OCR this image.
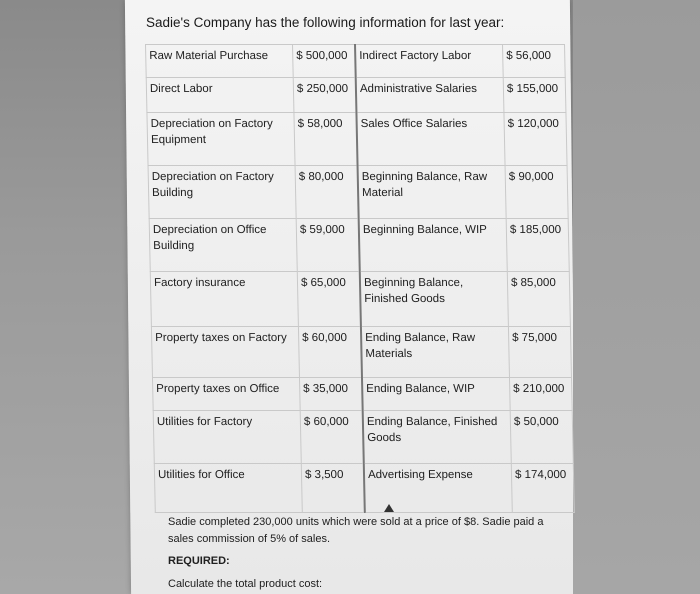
Sadie's Company has the following information for last year:
Raw Material Purchase	$ 500,000	Indirect Factory Labor	$ 56,000
Direct Labor	$ 250,000	Administrative Salaries	$ 155,000
Depreciation on Factory Equipment	$ 58,000	Sales Office Salaries	$ 120,000
Depreciation on Factory Building	$ 80,000	Beginning Balance, Raw Material	$ 90,000
Depreciation on Office Building	$ 59,000	Beginning Balance, WIP	$ 185,000
Factory insurance	$ 65,000	Beginning Balance, Finished Goods	$ 85,000
Property taxes on Factory	$ 60,000	Ending Balance, Raw Materials	$ 75,000
Property taxes on Office	$ 35,000	Ending Balance, WIP	$ 210,000
Utilities for Factory	$ 60,000	Ending Balance, Finished Goods	$ 50,000
Utilities for Office	$ 3,500	Advertising Expense	$ 174,000
Sadie completed 230,000 units which were sold at a price of $8. Sadie paid a sales commission of 5% of sales.
REQUIRED:
Calculate the total product cost:
